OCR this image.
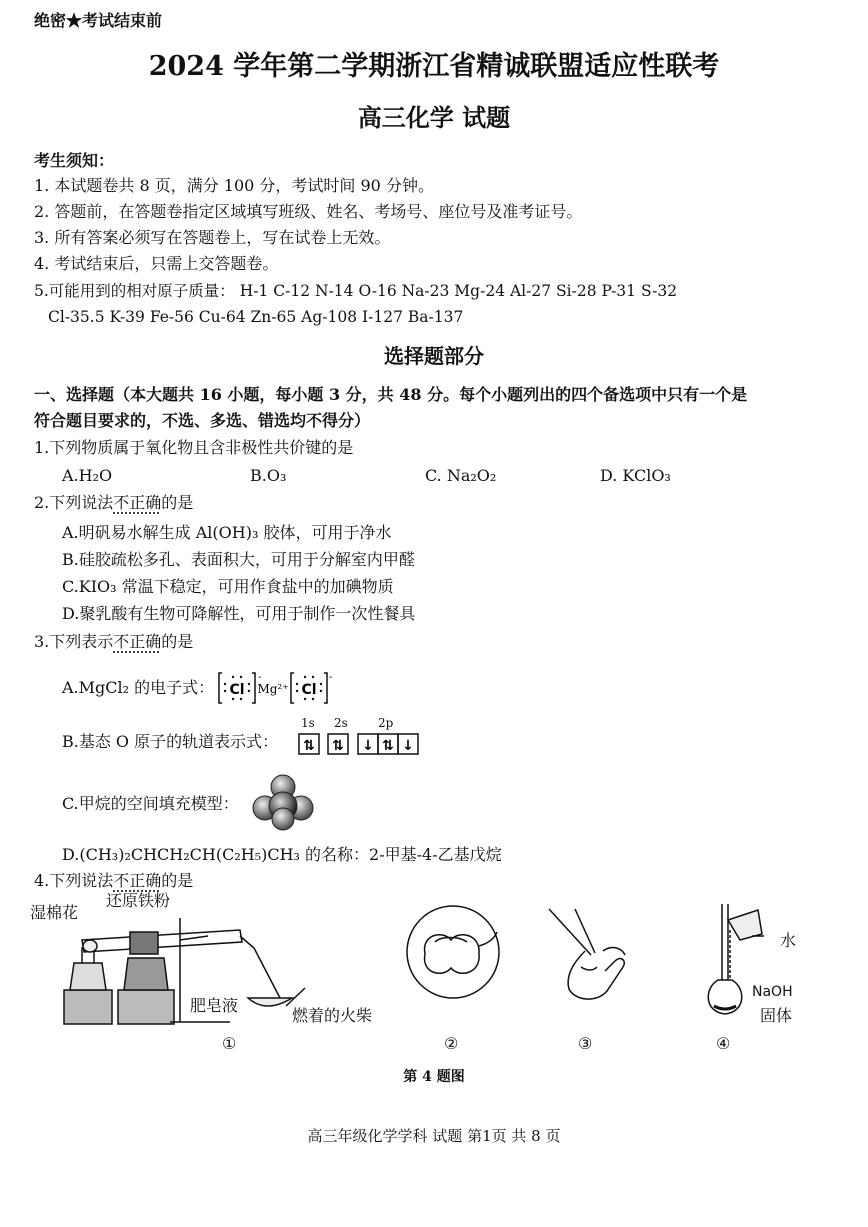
绝密★考试结束前
2024 学年第二学期浙江省精诚联盟适应性联考
高三化学 试题
考生须知：
1. 本试题卷共 8 页，满分 100 分，考试时间 90 分钟。
2. 答题前，在答题卷指定区域填写班级、姓名、考场号、座位号及准考证号。
3. 所有答案必须写在答题卷上，写在试卷上无效。
4. 考试结束后，只需上交答题卷。
5.可能用到的相对原子质量： H-1 C-12 N-14 O-16 Na-23 Mg-24 Al-27 Si-28 P-31 S-32
Cl-35.5 K-39 Fe-56 Cu-64 Zn-65 Ag-108 I-127 Ba-137
选择题部分
一、选择题（本大题共 16 小题，每小题 3 分，共 48 分。每个小题列出的四个备选项中只有一个是
符合题目要求的，不选、多选、错选均不得分）
1.下列物质属于氧化物且含非极性共价键的是
A.H₂O	B.O₃	C. Na₂O₂	D. KClO₃
2.下列说法不正确的是
A.明矾易水解生成 Al(OH)₃ 胶体，可用于净水
B.硅胶疏松多孔、表面积大，可用于分解室内甲醛
C.KIO₃ 常温下稳定，可用作食盐中的加碘物质
D.聚乳酸有生物可降解性，可用于制作一次性餐具
3.下列表示不正确的是
A.MgCl₂ 的电子式： Cl	Cl
-	-
Mg²⁺
B.基态 O 原子的轨道表示式：
1s 2s	2p
⇅ ⇅ ↓ ⇅ ↓
C.甲烷的空间填充模型：
D.(CH₃)₂CHCH₂CH(C₂H₅)CH₃ 的名称：2-甲基-4-乙基戊烷
4.下列说法不正确的是
湿棉花
还原铁粉
肥皂液
燃着的火柴
水
NaOH
固体
①	②	③	④
第 4 题图
高三年级化学学科 试题 第1页 共 8 页
